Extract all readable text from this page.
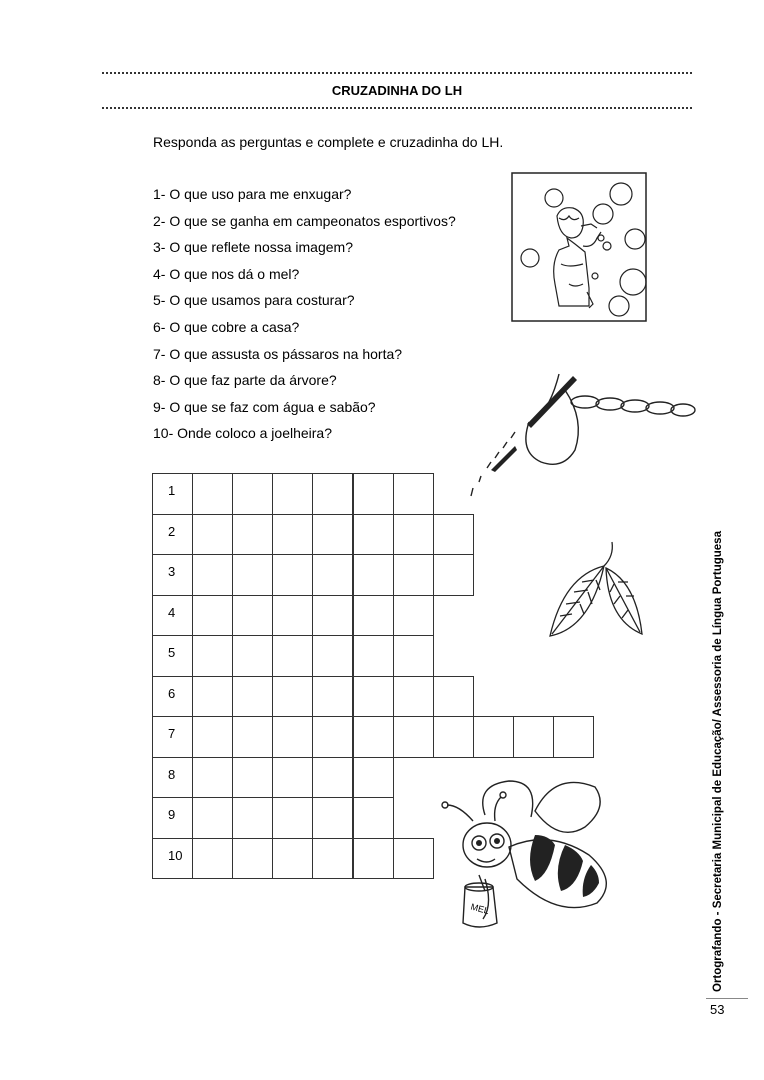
CRUZADINHA DO LH
Responda as perguntas e complete e cruzadinha do LH.
1- O que uso para me enxugar?
2- O que se ganha em campeonatos esportivos?
3- O que reflete nossa imagem?
4- O que nos dá o mel?
5- O que usamos para costurar?
6- O que cobre a casa?
7- O que assusta os pássaros na horta?
8- O que faz parte da árvore?
9- O que se faz com água e sabão?
10- Onde coloco a joelheira?
MEL
1
2
3
4
5
6
7
8
9
10	Ortografando - Secretaria Municipal de Educação/ Assessoria de Língua Portuguesa
53
